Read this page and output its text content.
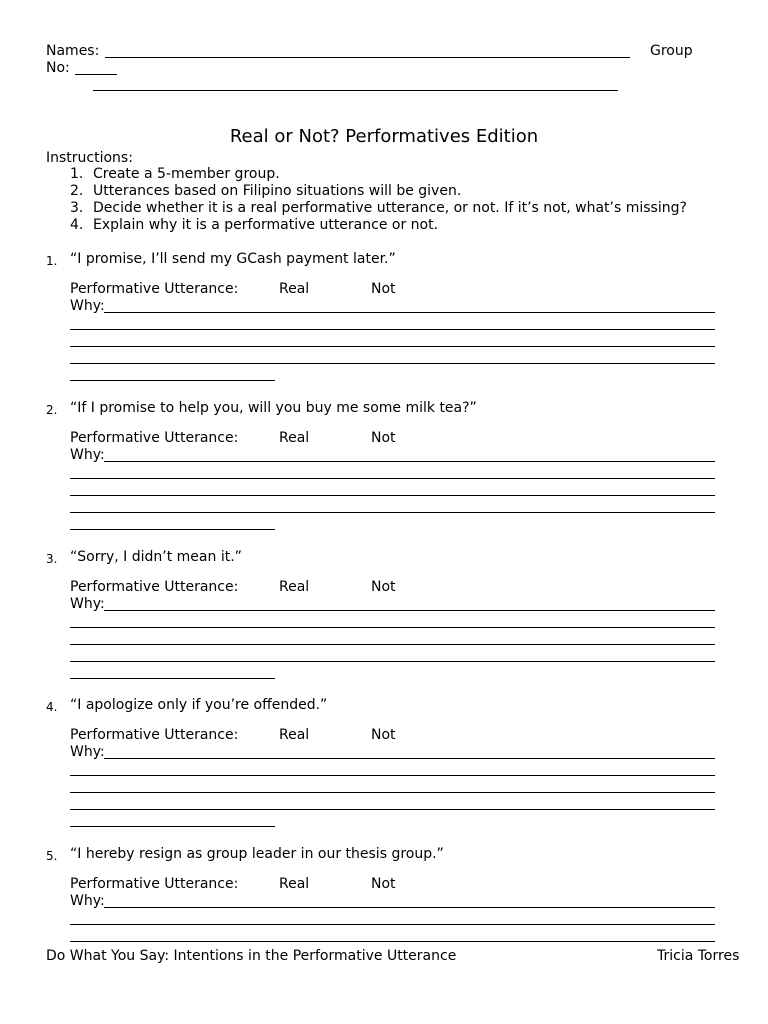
Names:	Group
No:
Real or Not? Performatives Edition
Instructions:
1. Create a 5-member group.
2. Utterances based on Filipino situations will be given.
3. Decide whether it is a real performative utterance, or not. If it’s not, what’s missing?
4. Explain why it is a performative utterance or not.
1. “I promise, I’ll send my GCash payment later.”
Performative Utterance:	Real	Not
Why:
2. “If I promise to help you, will you buy me some milk tea?”
Performative Utterance:	Real	Not
Why:
3. “Sorry, I didn’t mean it.”
Performative Utterance:	Real	Not
Why:
4. “I apologize only if you’re offended.”
Performative Utterance:	Real	Not
Why:
5. “I hereby resign as group leader in our thesis group.”
Performative Utterance:	Real	Not
Why:
Do What You Say: Intentions in the Performative Utterance	Tricia Torres
